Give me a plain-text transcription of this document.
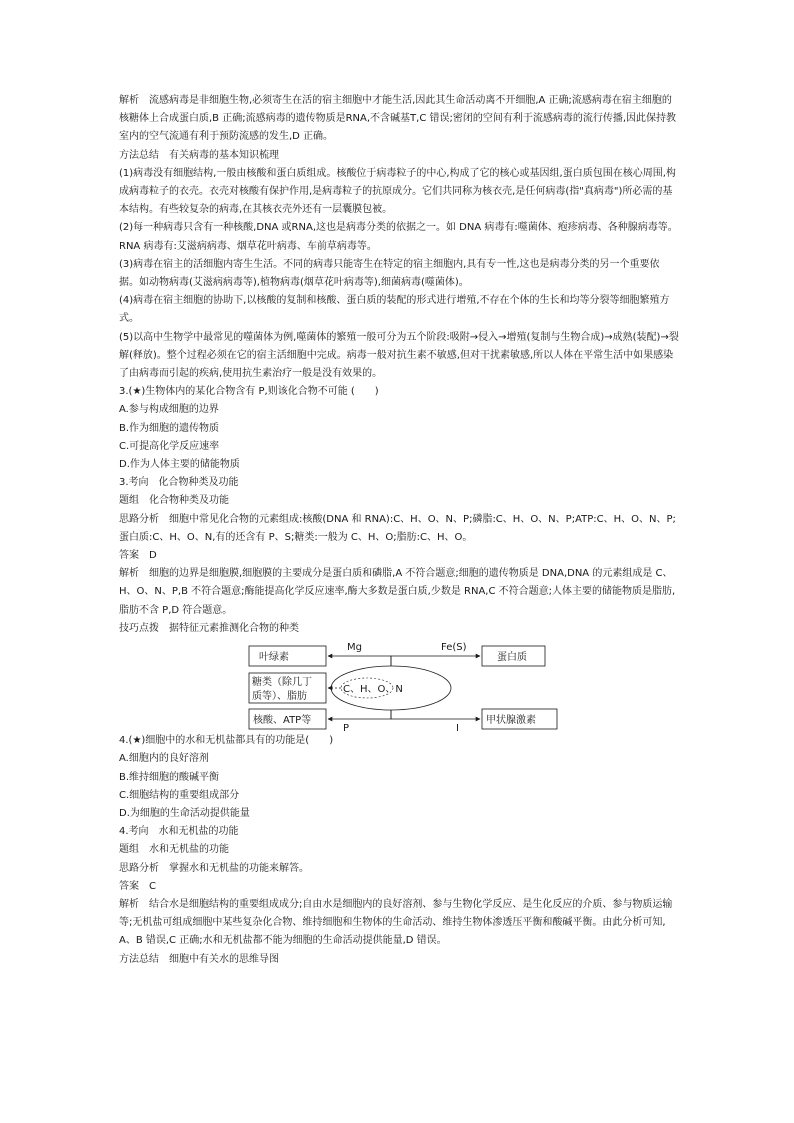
解析　流感病毒是非细胞生物,必须寄生在活的宿主细胞中才能生活,因此其生命活动离不开细胞,A 正确;流感病毒在宿主细胞的核糖体上合成蛋白质,B 正确;流感病毒的遗传物质是RNA,不含碱基T,C 错误;密闭的空间有利于流感病毒的流行传播,因此保持教室内的空气流通有利于预防流感的发生,D 正确。

方法总结　有关病毒的基本知识梳理

(1)病毒没有细胞结构,一般由核酸和蛋白质组成。核酸位于病毒粒子的中心,构成了它的核心或基因组,蛋白质包围在核心周围,构成病毒粒子的衣壳。衣壳对核酸有保护作用,是病毒粒子的抗原成分。它们共同称为核衣壳,是任何病毒(指"真病毒")所必需的基本结构。有些较复杂的病毒,在其核衣壳外还有一层囊膜包被。

(2)每一种病毒只含有一种核酸,DNA 或RNA,这也是病毒分类的依据之一。如 DNA 病毒有:噬菌体、疱疹病毒、各种腺病毒等。RNA 病毒有:艾滋病病毒、烟草花叶病毒、车前草病毒等。

(3)病毒在宿主的活细胞内寄生生活。不同的病毒只能寄生在特定的宿主细胞内,具有专一性,这也是病毒分类的另一个重要依据。如动物病毒(艾滋病病毒等),植物病毒(烟草花叶病毒等),细菌病毒(噬菌体)。

(4)病毒在宿主细胞的协助下,以核酸的复制和核酸、蛋白质的装配的形式进行增殖,不存在个体的生长和均等分裂等细胞繁殖方式。

(5)以高中生物学中最常见的噬菌体为例,噬菌体的繁殖一般可分为五个阶段:吸附→侵入→增殖(复制与生物合成)→成熟(装配)→裂解(释放)。整个过程必须在它的宿主活细胞中完成。病毒一般对抗生素不敏感,但对干扰素敏感,所以人体在平常生活中如果感染了由病毒而引起的疾病,使用抗生素治疗一般是没有效果的。

3.(★)生物体内的某化合物含有 P,则该化合物不可能 (　　)

A.参与构成细胞的边界

B.作为细胞的遗传物质

C.可提高化学反应速率

D.作为人体主要的储能物质

3.考向　化合物种类及功能

题组　化合物种类及功能

思路分析　细胞中常见化合物的元素组成:核酸(DNA 和 RNA):C、H、O、N、P;磷脂:C、H、O、N、P;ATP:C、H、O、N、P;蛋白质:C、H、O、N,有的还含有 P、S;糖类:一般为 C、H、O;脂肪:C、H、O。

答案　D

解析　细胞的边界是细胞膜,细胞膜的主要成分是蛋白质和磷脂,A 不符合题意;细胞的遗传物质是 DNA,DNA 的元素组成是 C、H、O、N、P,B 不符合题意;酶能提高化学反应速率,酶大多数是蛋白质,少数是 RNA,C 不符合题意;人体主要的储能物质是脂肪,脂肪不含 P,D 符合题意。

技巧点拨　据特征元素推测化合物的种类

叶绿素
糖类（除几丁
质等）、脂肪
核酸、ATP等
蛋白质
甲状腺激素
C、H、O、N
Mg	Fe(S)
P	I

4.(★)细胞中的水和无机盐都具有的功能是(　　)

A.细胞内的良好溶剂

B.维持细胞的酸碱平衡

C.细胞结构的重要组成部分

D.为细胞的生命活动提供能量

4.考向　水和无机盐的功能

题组　水和无机盐的功能

思路分析　掌握水和无机盐的功能来解答。

答案　C

解析　结合水是细胞结构的重要组成成分;自由水是细胞内的良好溶剂、参与生物化学反应、是生化反应的介质、参与物质运输等;无机盐可组成细胞中某些复杂化合物、维持细胞和生物体的生命活动、维持生物体渗透压平衡和酸碱平衡。由此分析可知,A、B 错误,C 正确;水和无机盐都不能为细胞的生命活动提供能量,D 错误。

方法总结　细胞中有关水的思维导图
